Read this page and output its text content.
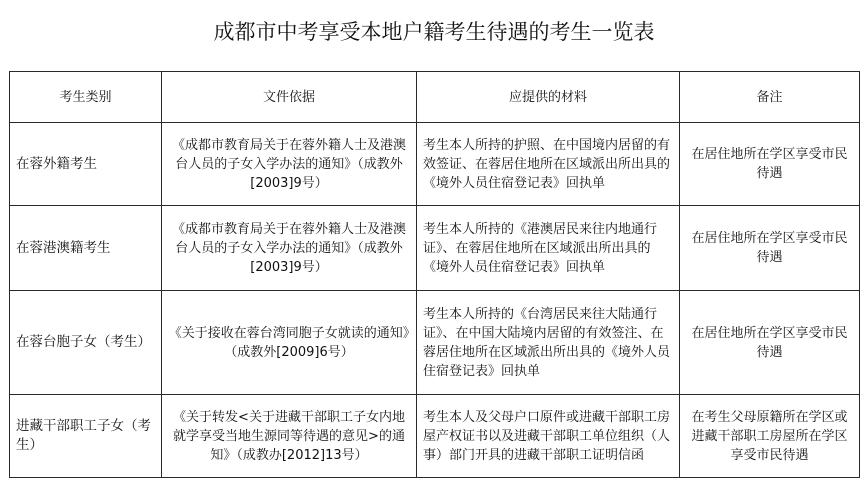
成都市中考享受本地户籍考生待遇的考生一览表
考生类别	文件依据	应提供的材料	备注
在蓉外籍考生	《成都市教育局关于在蓉外籍人士及港澳台人员的子女入学办法的通知》（成教外[2003]9号）	考生本人所持的护照、在中国境内居留的有效签证、在蓉居住地所在区域派出所出具的《境外人员住宿登记表》回执单	在居住地所在学区享受市民待遇
在蓉港澳籍考生	《成都市教育局关于在蓉外籍人士及港澳台人员的子女入学办法的通知》（成教外[2003]9号）	考生本人所持的《港澳居民来往内地通行证》、在蓉居住地所在区域派出所出具的《境外人员住宿登记表》回执单	在居住地所在学区享受市民待遇
在蓉台胞子女（考生）	《关于接收在蓉台湾同胞子女就读的通知》（成教外[2009]6号）	考生本人所持的《台湾居民来往大陆通行证》、在中国大陆境内居留的有效签注、在蓉居住地所在区域派出所出具的《境外人员住宿登记表》回执单	在居住地所在学区享受市民待遇
进藏干部职工子女（考生）	《关于转发<关于进藏干部职工子女内地就学享受当地生源同等待遇的意见>的通知》（成教办[2012]13号）	考生本人及父母户口原件或进藏干部职工房屋产权证书以及进藏干部职工单位组织（人事）部门开具的进藏干部职工证明信函	在考生父母原籍所在学区或进藏干部职工房屋所在学区享受市民待遇
